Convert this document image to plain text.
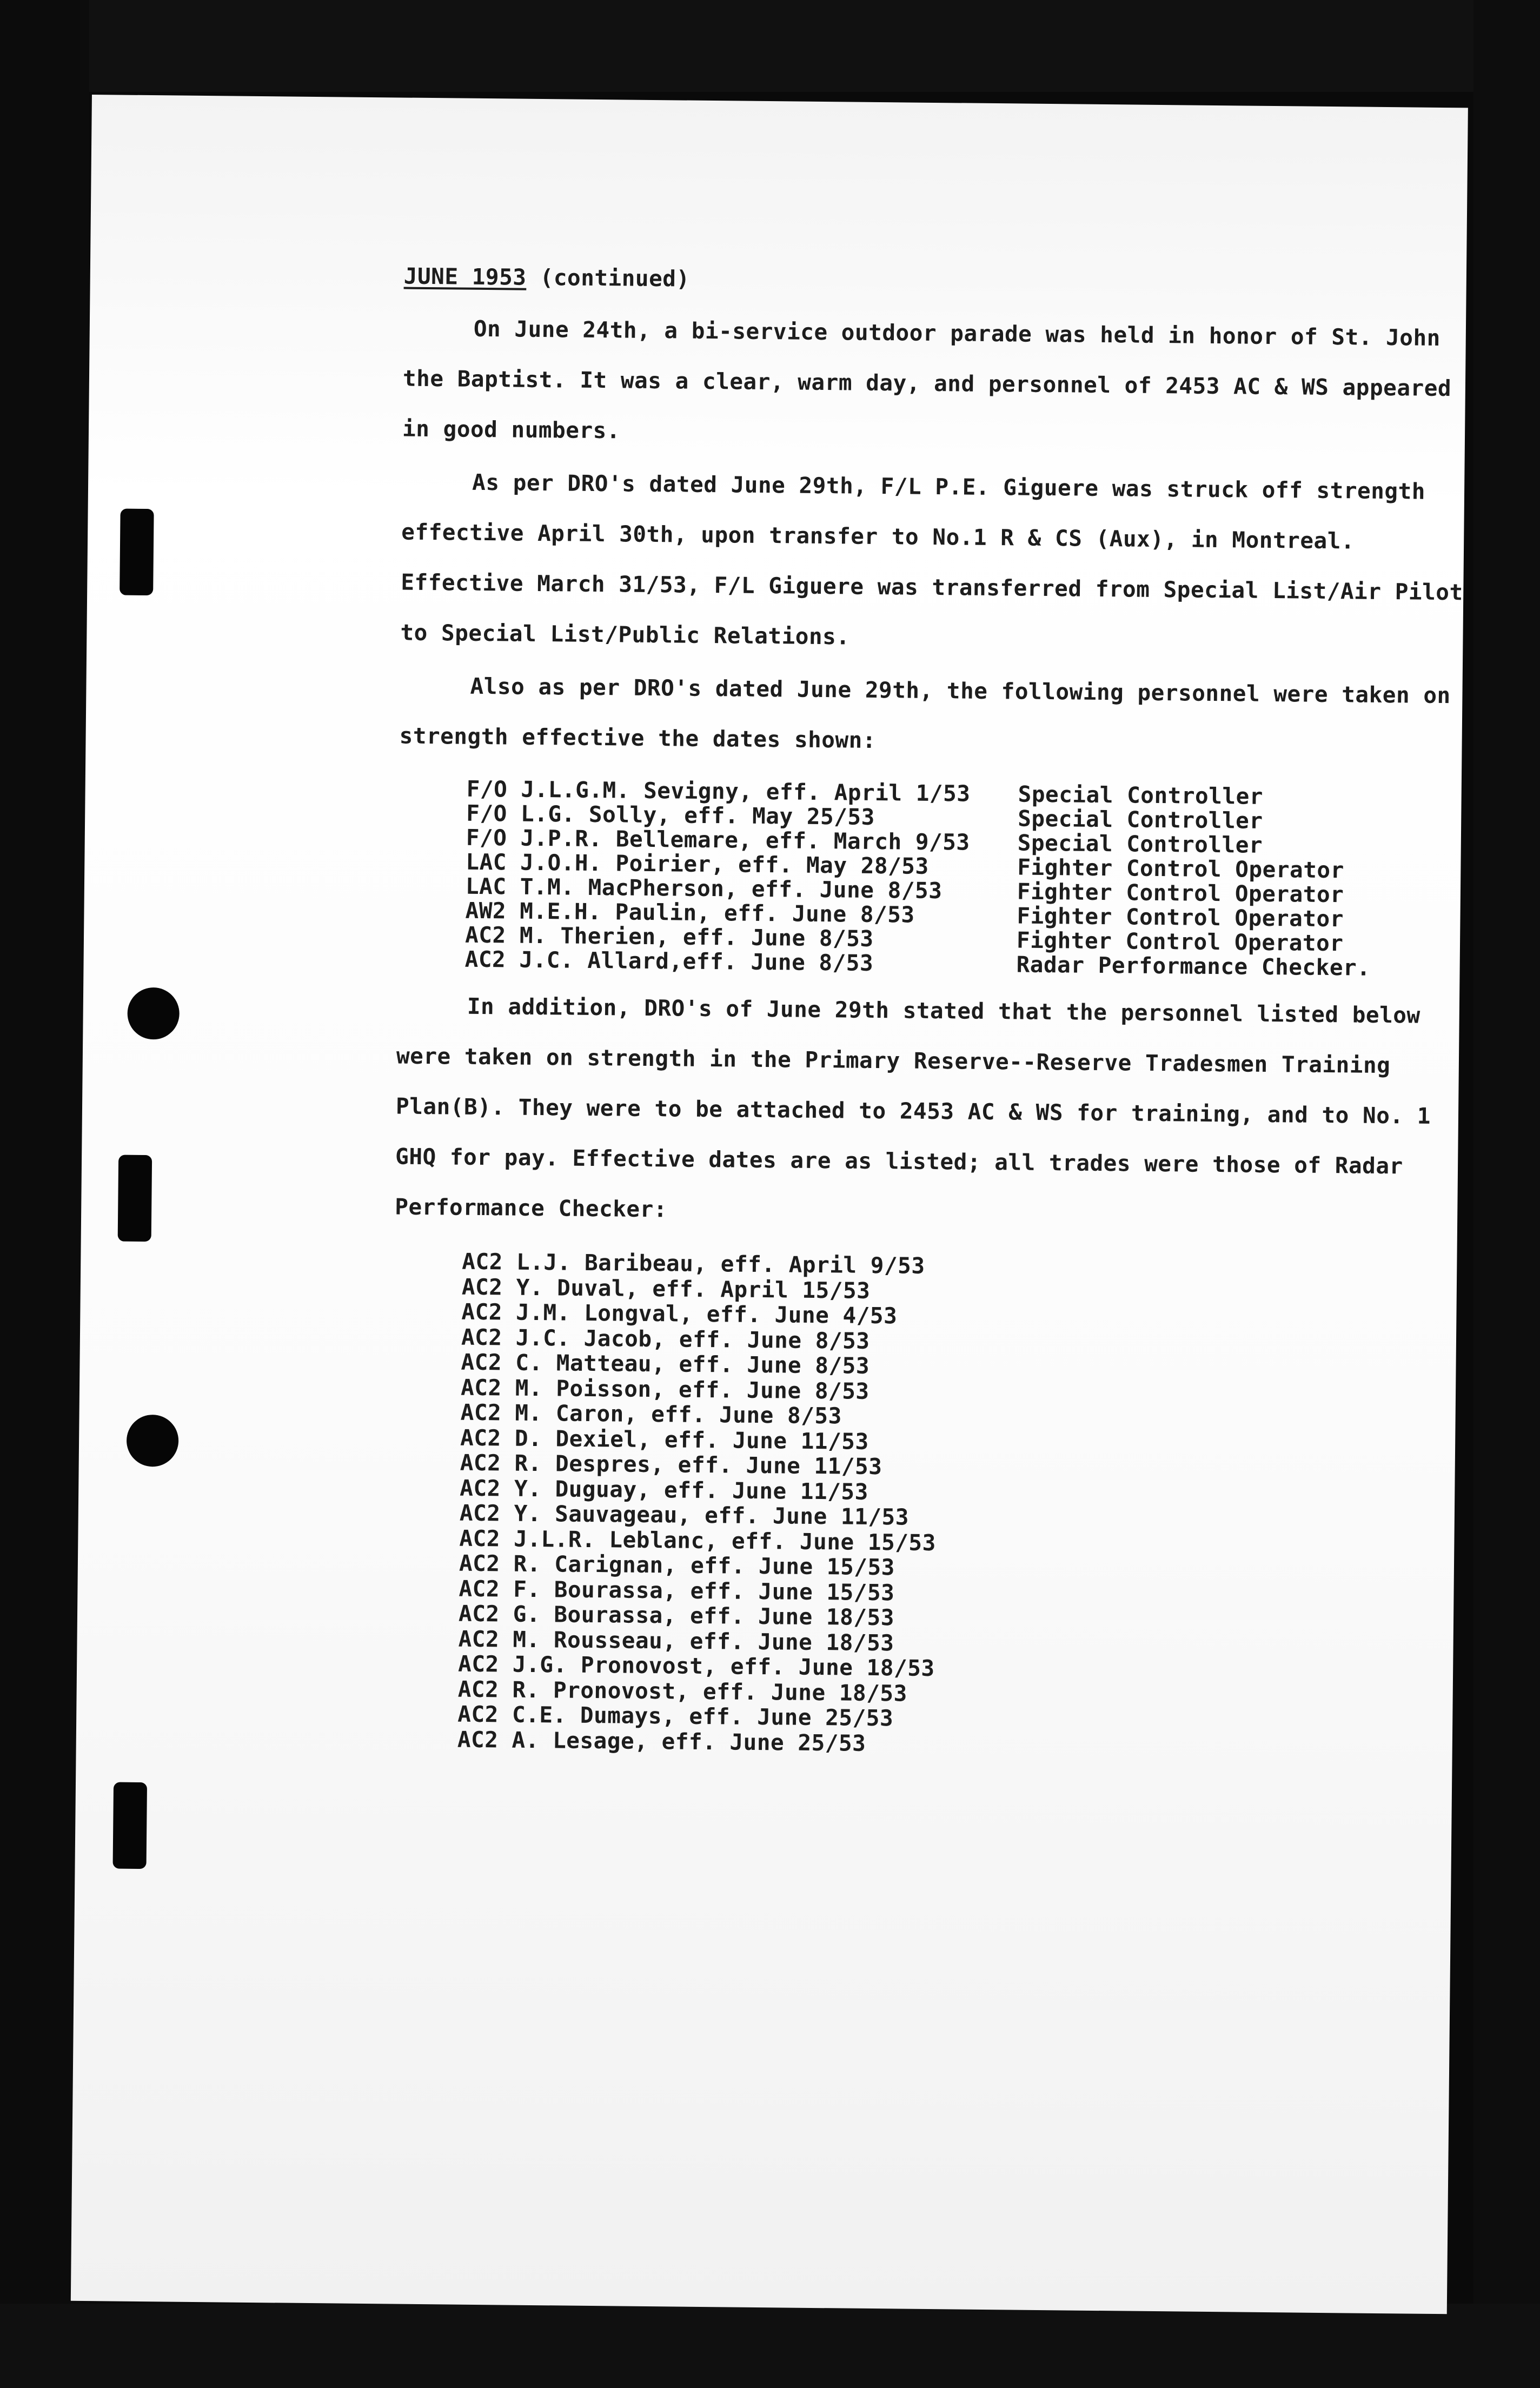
JUNE 1953 (continued)

On June 24th, a bi-service outdoor parade was held in honor of St. John the Baptist. It was a clear, warm day, and personnel of 2453 AC & WS appeared in good numbers.

As per DRO's dated June 29th, F/L P.E. Giguere was struck off strength effective April 30th, upon transfer to No.1 R & CS (Aux), in Montreal. Effective March 31/53, F/L Giguere was transferred from Special List/Air Pilot to Special List/Public Relations.

Also as per DRO's dated June 29th, the following personnel were taken on strength effective the dates shown:

F/O J.L.G.M. Sevigny, eff. April 1/53	Special Controller
F/O L.G. Solly, eff. May 25/53	Special Controller
F/O J.P.R. Bellemare, eff. March 9/53	Special Controller
LAC J.O.H. Poirier, eff. May 28/53	Fighter Control Operator
LAC T.M. MacPherson, eff. June 8/53	Fighter Control Operator
AW2 M.E.H. Paulin, eff. June 8/53	Fighter Control Operator
AC2 M. Therien, eff. June 8/53	Fighter Control Operator
AC2 J.C. Allard,eff. June 8/53	Radar Performance Checker.

In addition, DRO's of June 29th stated that the personnel listed below were taken on strength in the Primary Reserve--Reserve Tradesmen Training Plan(B). They were to be attached to 2453 AC & WS for training, and to No. 1 GHQ for pay. Effective dates are as listed; all trades were those of Radar Performance Checker:

AC2 L.J. Baribeau, eff. April 9/53
AC2 Y. Duval, eff. April 15/53
AC2 J.M. Longval, eff. June 4/53
AC2 J.C. Jacob, eff. June 8/53
AC2 C. Matteau, eff. June 8/53
AC2 M. Poisson, eff. June 8/53
AC2 M. Caron, eff. June 8/53
AC2 D. Dexiel, eff. June 11/53
AC2 R. Despres, eff. June 11/53
AC2 Y. Duguay, eff. June 11/53
AC2 Y. Sauvageau, eff. June 11/53
AC2 J.L.R. Leblanc, eff. June 15/53
AC2 R. Carignan, eff. June 15/53
AC2 F. Bourassa, eff. June 15/53
AC2 G. Bourassa, eff. June 18/53
AC2 M. Rousseau, eff. June 18/53
AC2 J.G. Pronovost, eff. June 18/53
AC2 R. Pronovost, eff. June 18/53
AC2 C.E. Dumays, eff. June 25/53
AC2 A. Lesage, eff. June 25/53
